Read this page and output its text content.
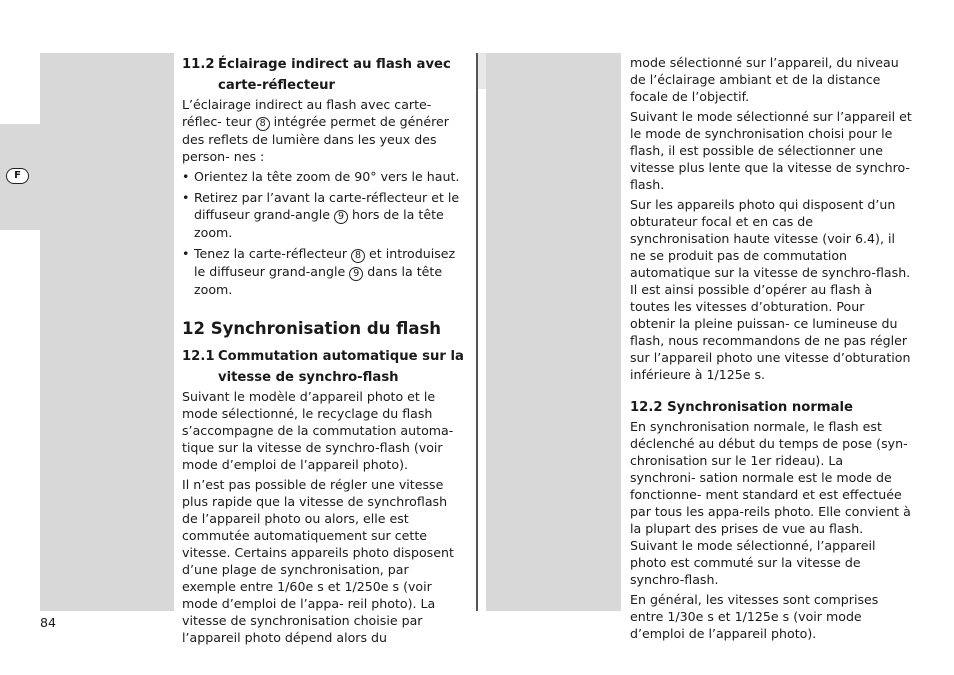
F
11.2 Éclairage indirect au flash avec
carte-réflecteur

L’éclairage indirect au flash avec carte-réflec- teur 8 intégrée permet de générer des reflets de lumière dans les yeux des person- nes :

• Orientez la tête zoom de 90° vers le haut.
• Retirez par l’avant la carte-réflecteur et le diffuseur grand-angle 9 hors de la tête zoom.
• Tenez la carte-réflecteur 8 et introduisez le diffuseur grand-angle 9 dans la tête zoom.
12 Synchronisation du flash
12.1 Commutation automatique sur la
vitesse de synchro-flash

Suivant le modèle d’appareil photo et le mode sélectionné, le recyclage du flash s’accompagne de la commutation automa- tique sur la vitesse de synchro-flash (voir mode d’emploi de l’appareil photo).

Il n’est pas possible de régler une vitesse plus rapide que la vitesse de synchroflash de l’appareil photo ou alors, elle est commutée automatiquement sur cette vitesse. Certains appareils photo disposent d’une plage de synchronisation, par exemple entre 1/60e s et 1/250e s (voir mode d’emploi de l’appa- reil photo). La vitesse de synchronisation choisie par l’appareil photo dépend alors du

mode sélectionné sur l’appareil, du niveau de l’éclairage ambiant et de la distance focale de l’objectif.

Suivant le mode sélectionné sur l’appareil et le mode de synchronisation choisi pour le flash, il est possible de sélectionner une vitesse plus lente que la vitesse de synchro-flash.

Sur les appareils photo qui disposent d’un obturateur focal et en cas de synchronisation haute vitesse (voir 6.4), il ne se produit pas de commutation automatique sur la vitesse de synchro-flash. Il est ainsi possible d’opérer au flash à toutes les vitesses d’obturation. Pour obtenir la pleine puissan- ce lumineuse du flash, nous recommandons de ne pas régler sur l’appareil photo une vitesse d’obturation inférieure à 1/125e s.

12.2 Synchronisation normale

En synchronisation normale, le flash est déclenché au début du temps de pose (syn- chronisation sur le 1er rideau). La synchroni- sation normale est le mode de fonctionne- ment standard et est effectuée par tous les appa-reils photo. Elle convient à la plupart des prises de vue au flash. Suivant le mode sélectionné, l’appareil photo est commuté sur la vitesse de synchro-flash.

En général, les vitesses sont comprises entre 1/30e s et 1/125e s (voir mode d’emploi de l’appareil photo).

84
